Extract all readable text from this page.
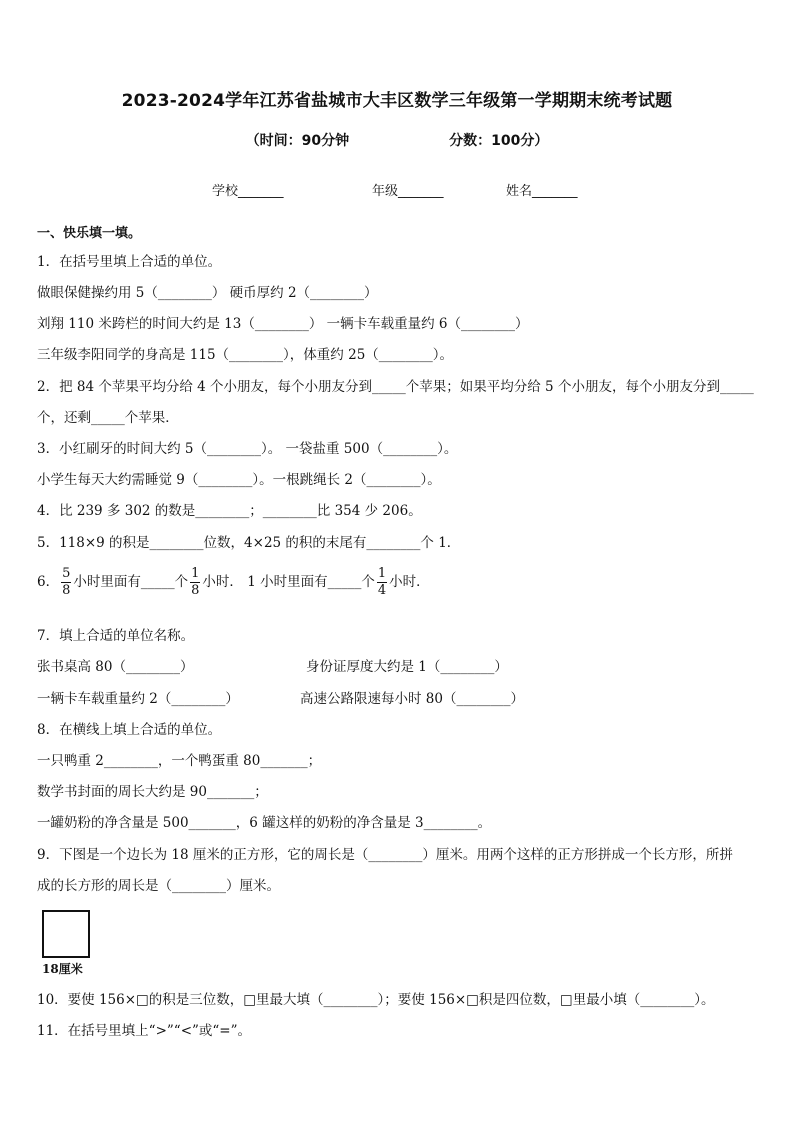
2023-2024学年江苏省盐城市大丰区数学三年级第一学期期末统考试题
（时间：90分钟	分数：100分）
学校_______	年级_______	姓名_______
一、快乐填一填。
1．在括号里填上合适的单位。
做眼保健操约用 5（________） 硬币厚约 2（________）
刘翔 110 米跨栏的时间大约是 13（________） 一辆卡车载重量约 6（________）
三年级李阳同学的身高是 115（________），体重约 25（________）。
2．把 84 个苹果平均分给 4 个小朋友，每个小朋友分到_____个苹果；如果平均分给 5 个小朋友，每个小朋友分到_____
个，还剩_____个苹果．
3．小红刷牙的时间大约 5（________）。 一袋盐重 500（________）。
小学生每天大约需睡觉 9（________）。一根跳绳长 2（________）。
4．比 239 多 302 的数是________；________比 354 少 206。
5．118×9 的积是________位数，4×25 的积的末尾有________个 1．
6． $\frac{5}{8}$ 小时里面有_____个 $\frac{1}{8}$ 小时． 1 小时里面有_____个 $\frac{1}{4}$ 小时．
7．填上合适的单位名称。
张书桌高 80（________）	身份证厚度大约是 1（________）
一辆卡车载重量约 2（________）	高速公路限速每小时 80（________）
8．在横线上填上合适的单位。
一只鸭重 2________，一个鸭蛋重 80_______；
数学书封面的周长大约是 90_______；
一罐奶粉的净含量是 500_______，6 罐这样的奶粉的净含量是 3________。
9．下图是一个边长为 18 厘米的正方形，它的周长是（________）厘米。用两个这样的正方形拼成一个长方形，所拼
成的长方形的周长是（________）厘米。
18厘米
10．要使 156×□的积是三位数，□里最大填（________）；要使 156×□积是四位数，□里最小填（________）。
11．在括号里填上“>”“<”或“=”。
